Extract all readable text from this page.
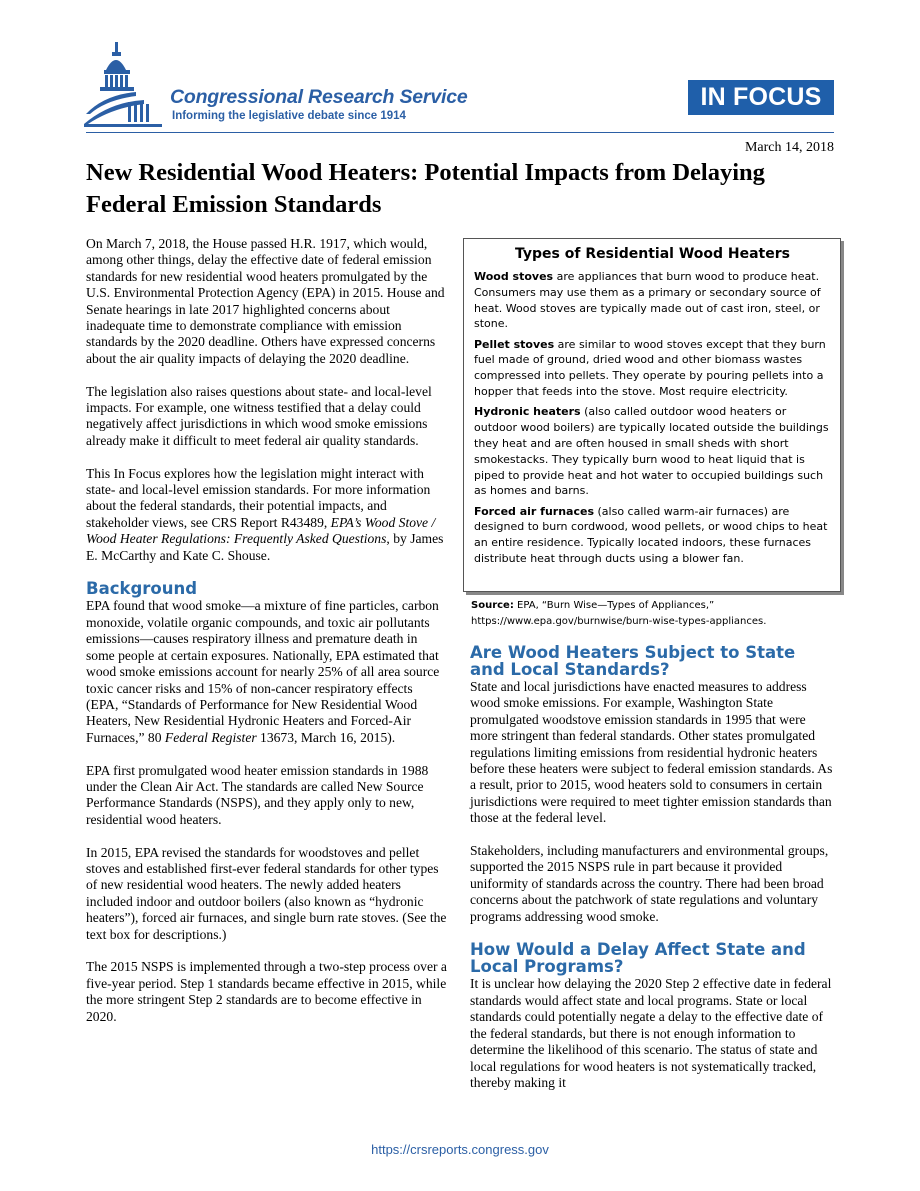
Congressional Research Service
Informing the legislative debate since 1914
IN FOCUS
March 14, 2018
New Residential Wood Heaters: Potential Impacts from Delaying Federal Emission Standards

On March 7, 2018, the House passed H.R. 1917, which would, among other things, delay the effective date of federal emission standards for new residential wood heaters promulgated by the U.S. Environmental Protection Agency (EPA) in 2015. House and Senate hearings in late 2017 highlighted concerns about inadequate time to demonstrate compliance with emission standards by the 2020 deadline. Others have expressed concerns about the air quality impacts of delaying the 2020 deadline.

The legislation also raises questions about state- and local-level impacts. For example, one witness testified that a delay could negatively affect jurisdictions in which wood smoke emissions already make it difficult to meet federal air quality standards.

This In Focus explores how the legislation might interact with state- and local-level emission standards. For more information about the federal standards, their potential impacts, and stakeholder views, see CRS Report R43489, EPA’s Wood Stove / Wood Heater Regulations: Frequently Asked Questions, by James E. McCarthy and Kate C. Shouse.

Background

EPA found that wood smoke—a mixture of fine particles, carbon monoxide, volatile organic compounds, and toxic air pollutants emissions—causes respiratory illness and premature death in some people at certain exposures. Nationally, EPA estimated that wood smoke emissions account for nearly 25% of all area source toxic cancer risks and 15% of non-cancer respiratory effects (EPA, “Standards of Performance for New Residential Wood Heaters, New Residential Hydronic Heaters and Forced-Air Furnaces,” 80 Federal Register 13673, March 16, 2015).

EPA first promulgated wood heater emission standards in 1988 under the Clean Air Act. The standards are called New Source Performance Standards (NSPS), and they apply only to new, residential wood heaters.

In 2015, EPA revised the standards for woodstoves and pellet stoves and established first-ever federal standards for other types of new residential wood heaters. The newly added heaters included indoor and outdoor boilers (also known as “hydronic heaters”), forced air furnaces, and single burn rate stoves. (See the text box for descriptions.)

The 2015 NSPS is implemented through a two-step process over a five-year period. Step 1 standards became effective in 2015, while the more stringent Step 2 standards are to become effective in 2020.

Types of Residential Wood Heaters

Wood stoves are appliances that burn wood to produce heat. Consumers may use them as a primary or secondary source of heat. Wood stoves are typically made out of cast iron, steel, or stone.

Pellet stoves are similar to wood stoves except that they burn fuel made of ground, dried wood and other biomass wastes compressed into pellets. They operate by pouring pellets into a hopper that feeds into the stove. Most require electricity.

Hydronic heaters (also called outdoor wood heaters or outdoor wood boilers) are typically located outside the buildings they heat and are often housed in small sheds with short smokestacks. They typically burn wood to heat liquid that is piped to provide heat and hot water to occupied buildings such as homes and barns.

Forced air furnaces (also called warm-air furnaces) are designed to burn cordwood, wood pellets, or wood chips to heat an entire residence. Typically located indoors, these furnaces distribute heat through ducts using a blower fan.

Source: EPA, “Burn Wise—Types of Appliances,” https://www.epa.gov/burnwise/burn-wise-types-appliances.
Are Wood Heaters Subject to State and Local Standards?

State and local jurisdictions have enacted measures to address wood smoke emissions. For example, Washington State promulgated woodstove emission standards in 1995 that were more stringent than federal standards. Other states promulgated regulations limiting emissions from residential hydronic heaters before these heaters were subject to federal emission standards. As a result, prior to 2015, wood heaters sold to consumers in certain jurisdictions were required to meet tighter emission standards than those at the federal level.

Stakeholders, including manufacturers and environmental groups, supported the 2015 NSPS rule in part because it provided uniformity of standards across the country. There had been broad concerns about the patchwork of state regulations and voluntary programs addressing wood smoke.

How Would a Delay Affect State and Local Programs?

It is unclear how delaying the 2020 Step 2 effective date in federal standards would affect state and local programs. State or local standards could potentially negate a delay to the effective date of the federal standards, but there is not enough information to determine the likelihood of this scenario. The status of state and local regulations for wood heaters is not systematically tracked, thereby making it

https://crsreports.congress.gov
